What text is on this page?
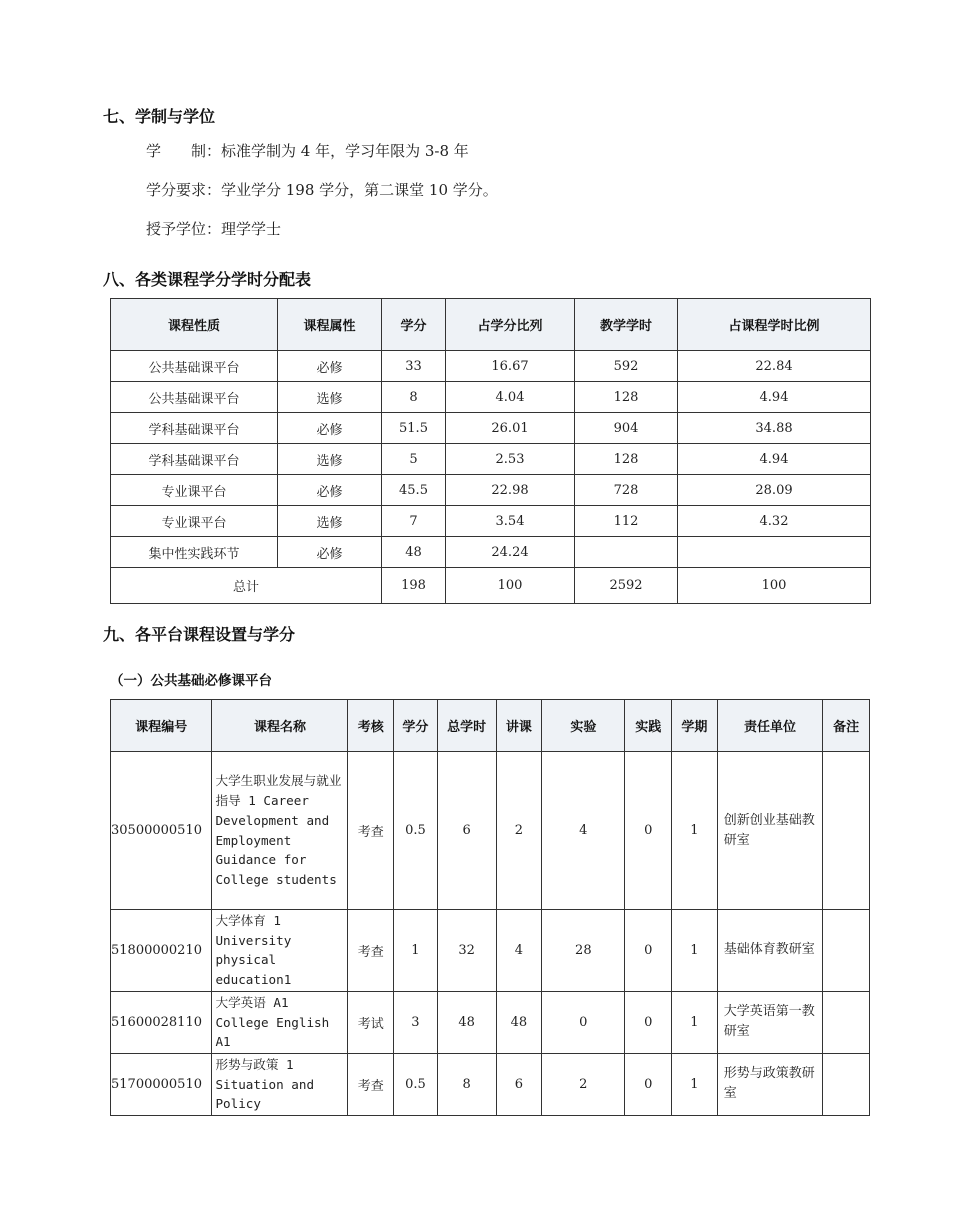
七、学制与学位
学　　制：标准学制为 4 年，学习年限为 3-8 年
学分要求：学业学分 198 学分，第二课堂 10 学分。
授予学位：理学学士
八、各类课程学分学时分配表
课程性质	课程属性	学分	占学分比列	教学学时	占课程学时比例
公共基础课平台	必修	33	16.67	592	22.84
公共基础课平台	选修	8	4.04	128	4.94
学科基础课平台	必修	51.5	26.01	904	34.88
学科基础课平台	选修	5	2.53	128	4.94
专业课平台	必修	45.5	22.98	728	28.09
专业课平台	选修	7	3.54	112	4.32
集中性实践环节	必修	48	24.24		
总计		198	100	2592	100
九、各平台课程设置与学分
（一）公共基础必修课平台
课程编号	课程名称	考核	学分	总学时	讲课	实验	实践	学期	责任单位	备注
30500000510	大学生职业发展与就业指导 1 Career Development and Employment Guidance for College students	考查	0.5	6	2	4	0	1	创新创业基础教研室	
51800000210	大学体育 1 University physical education1	考查	1	32	4	28	0	1	基础体育教研室	
51600028110	大学英语 A1 College English A1	考试	3	48	48	0	0	1	大学英语第一教研室	
51700000510	形势与政策 1 Situation and Policy	考查	0.5	8	6	2	0	1	形势与政策教研室	
